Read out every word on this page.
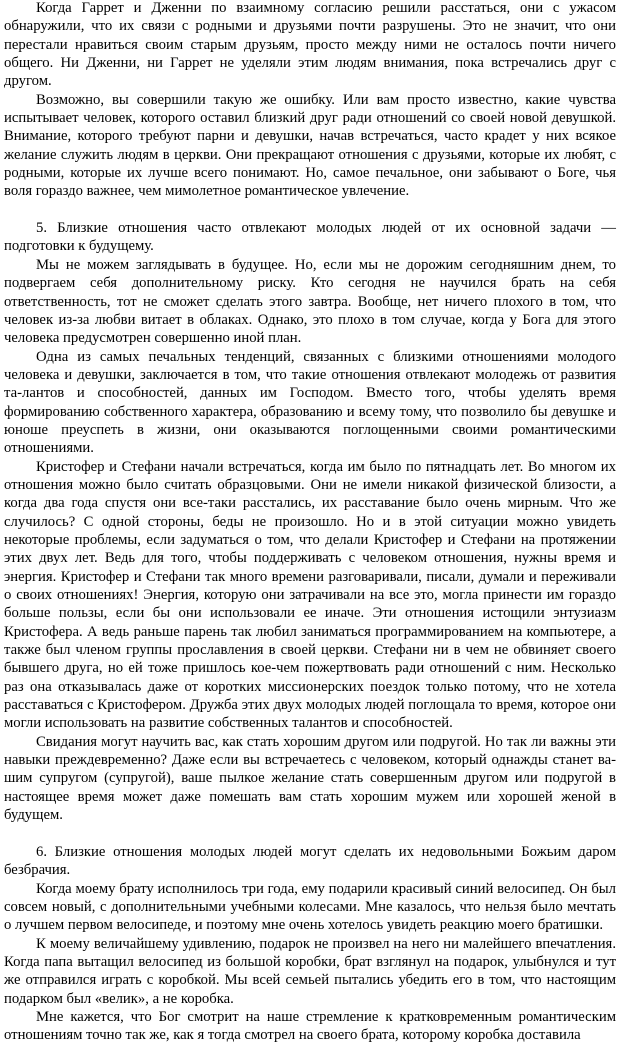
Когда Гаррет и Дженни по взаимному согласию решили расстаться, они с ужасом обнаружили, что их связи с родными и друзьями почти разрушены. Это не значит, что они перестали нравиться своим старым друзьям, просто между ними не осталось почти ничего общего. Ни Дженни, ни Гаррет не уделяли этим людям внимания, пока встречались друг с другом.

Возможно, вы совершили такую же ошибку. Или вам просто известно, какие чувства испытывает человек, которого оставил близкий друг ради отношений со своей новой девушкой. Внимание, которого требуют парни и девушки, начав встречаться, часто крадет у них всякое желание служить людям в церкви. Они прекращают отношения с друзьями, которые их любят, с родными, которые их лучше всего понимают. Но, самое печальное, они забывают о Боге, чья воля гораздо важнее, чем мимолетное романтическое увлечение.

5. Близкие отношения часто отвлекают молодых людей от их основной задачи — подготовки к будущему.

Мы не можем заглядывать в будущее. Но, если мы не дорожим сегодняшним днем, то подвергаем себя дополнительному риску. Кто сегодня не научился брать на себя ответственность, тот не сможет сделать этого завтра. Вообще, нет ничего плохого в том, что человек из-за любви витает в облаках. Однако, это плохо в том случае, когда у Бога для этого человека предусмотрен совершенно иной план.

Одна из самых печальных тенденций, связанных с близкими отношениями молодого человека и девушки, заключается в том, что такие отношения отвлекают молодежь от развития та-лантов и способностей, данных им Господом. Вместо того, чтобы уделять время формированию собственного характера, образованию и всему тому, что позволило бы девушке и юноше преуспеть в жизни, они оказываются поглощенными своими романтическими отношениями.

Кристофер и Стефани начали встречаться, когда им было по пятнадцать лет. Во многом их отношения можно было считать образцовыми. Они не имели никакой физической близости, а когда два года спустя они все-таки расстались, их расставание было очень мирным. Что же случилось? С одной стороны, беды не произошло. Но и в этой ситуации можно увидеть некоторые проблемы, если задуматься о том, что делали Кристофер и Стефани на протяжении этих двух лет. Ведь для того, чтобы поддерживать с человеком отношения, нужны время и энергия. Кристофер и Стефани так много времени разговаривали, писали, думали и переживали о своих отношениях! Энергия, которую они затрачивали на все это, могла принести им гораздо больше пользы, если бы они использовали ее иначе. Эти отношения истощили энтузиазм Кристофера. А ведь раньше парень так любил заниматься программированием на компьютере, а также был членом группы прославления в своей церкви. Стефани ни в чем не обвиняет своего бывшего друга, но ей тоже пришлось кое-чем пожертвовать ради отношений с ним. Несколько раз она отказывалась даже от коротких миссионерских поездок только потому, что не хотела расставаться с Кристофером. Дружба этих двух молодых людей поглощала то время, которое они могли использовать на развитие собственных талантов и способностей.

Свидания могут научить вас, как стать хорошим другом или подругой. Но так ли важны эти навыки преждевременно? Даже если вы встречаетесь с человеком, который однажды станет ва-шим супругом (супругой), ваше пылкое желание стать совершенным другом или подругой в настоящее время может даже помешать вам стать хорошим мужем или хорошей женой в будущем.

6. Близкие отношения молодых людей могут сделать их недовольными Божьим даром безбрачия.

Когда моему брату исполнилось три года, ему подарили красивый синий велосипед. Он был совсем новый, с дополнительными учебными колесами. Мне казалось, что нельзя было мечтать о лучшем первом велосипеде, и поэтому мне очень хотелось увидеть реакцию моего братишки.

К моему величайшему удивлению, подарок не произвел на него ни малейшего впечатления. Когда папа вытащил велосипед из большой коробки, брат взглянул на подарок, улыбнулся и тут же отправился играть с коробкой. Мы всей семьей пытались убедить его в том, что настоящим подарком был «велик», а не коробка.

Мне кажется, что Бог смотрит на наше стремление к кратковременным романтическим отношениям точно так же, как я тогда смотрел на своего брата, которому коробка доставила
